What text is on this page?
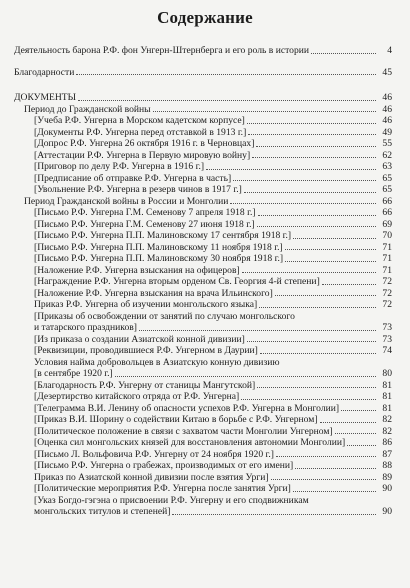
Содержание
Деятельность барона Р.Ф. фон Унгерн-Штернберга и его роль в истории	4
Благодарности	45
ДОКУМЕНТЫ	46
Период до Гражданской войны	46
[Учеба Р.Ф. Унгерна в Морском кадетском корпусе]	46
[Документы Р.Ф. Унгерна перед отставкой в 1913 г.]	49
[Допрос Р.Ф. Унгерна 26 октября 1916 г. в Черновцах]	55
[Аттестации Р.Ф. Унгерна в Первую мировую войну]	62
[Приговор по делу Р.Ф. Унгерна в 1916 г.]	63
[Предписание об отправке Р.Ф. Унгерна в часть]	65
[Увольнение Р.Ф. Унгерна в резерв чинов в 1917 г.]	65
Период Гражданской войны в России и Монголии	66
[Письмо Р.Ф. Унгерна Г.М. Семенову 7 апреля 1918 г.]	66
[Письмо Р.Ф. Унгерна Г.М. Семенову 27 июня 1918 г.]	69
[Письмо Р.Ф. Унгерна П.П. Малиновскому 17 сентября 1918 г.]	70
[Письмо Р.Ф. Унгерна П.П. Малиновскому 11 ноября 1918 г.]	71
[Письмо Р.Ф. Унгерна П.П. Малиновскому 30 ноября 1918 г.]	71
[Наложение Р.Ф. Унгерна взыскания на офицеров]	71
[Награждение Р.Ф. Унгерна вторым орденом Св. Георгия 4-й степени]	72
[Наложение Р.Ф. Унгерна взыскания на врача Ильинского]	72
Приказ Р.Ф. Унгерна об изучении монгольского языка]	72
[Приказы об освобождении от занятий по случаю монгольского
и татарского праздников]	73
[Из приказа о создании Азиатской конной дивизии]	73
[Реквизиции, проводившиеся Р.Ф. Унгерном в Даурии]	74
Условия найма добровольцев в Азиатскую конную дивизию
[в сентябре 1920 г.]	80
[Благодарность Р.Ф. Унгерну от станицы Мангутской]	81
[Дезертирство китайского отряда от Р.Ф. Унгерна]	81
[Телеграмма В.И. Ленину об опасности успехов Р.Ф. Унгерна в Монголии]	81
[Приказ В.И. Шорину о содействии Китаю в борьбе с Р.Ф. Унгерном]	82
[Политическое положение в связи с захватом части Монголии Унгерном]	82
[Оценка сил монгольских князей для восстановления автономии Монголии]	86
[Письмо Л. Вольфовича Р.Ф. Унгерну от 24 ноября 1920 г.]	87
[Письмо Р.Ф. Унгерна о грабежах, производимых от его имени]	88
Приказ по Азиатской конной дивизии после взятия Урги]	89
[Политические мероприятия Р.Ф. Унгерна после занятия Урги]	90
[Указ Богдо-гэгэна о присвоении Р.Ф. Унгерну и его сподвижникам
монгольских титулов и степеней]	90
